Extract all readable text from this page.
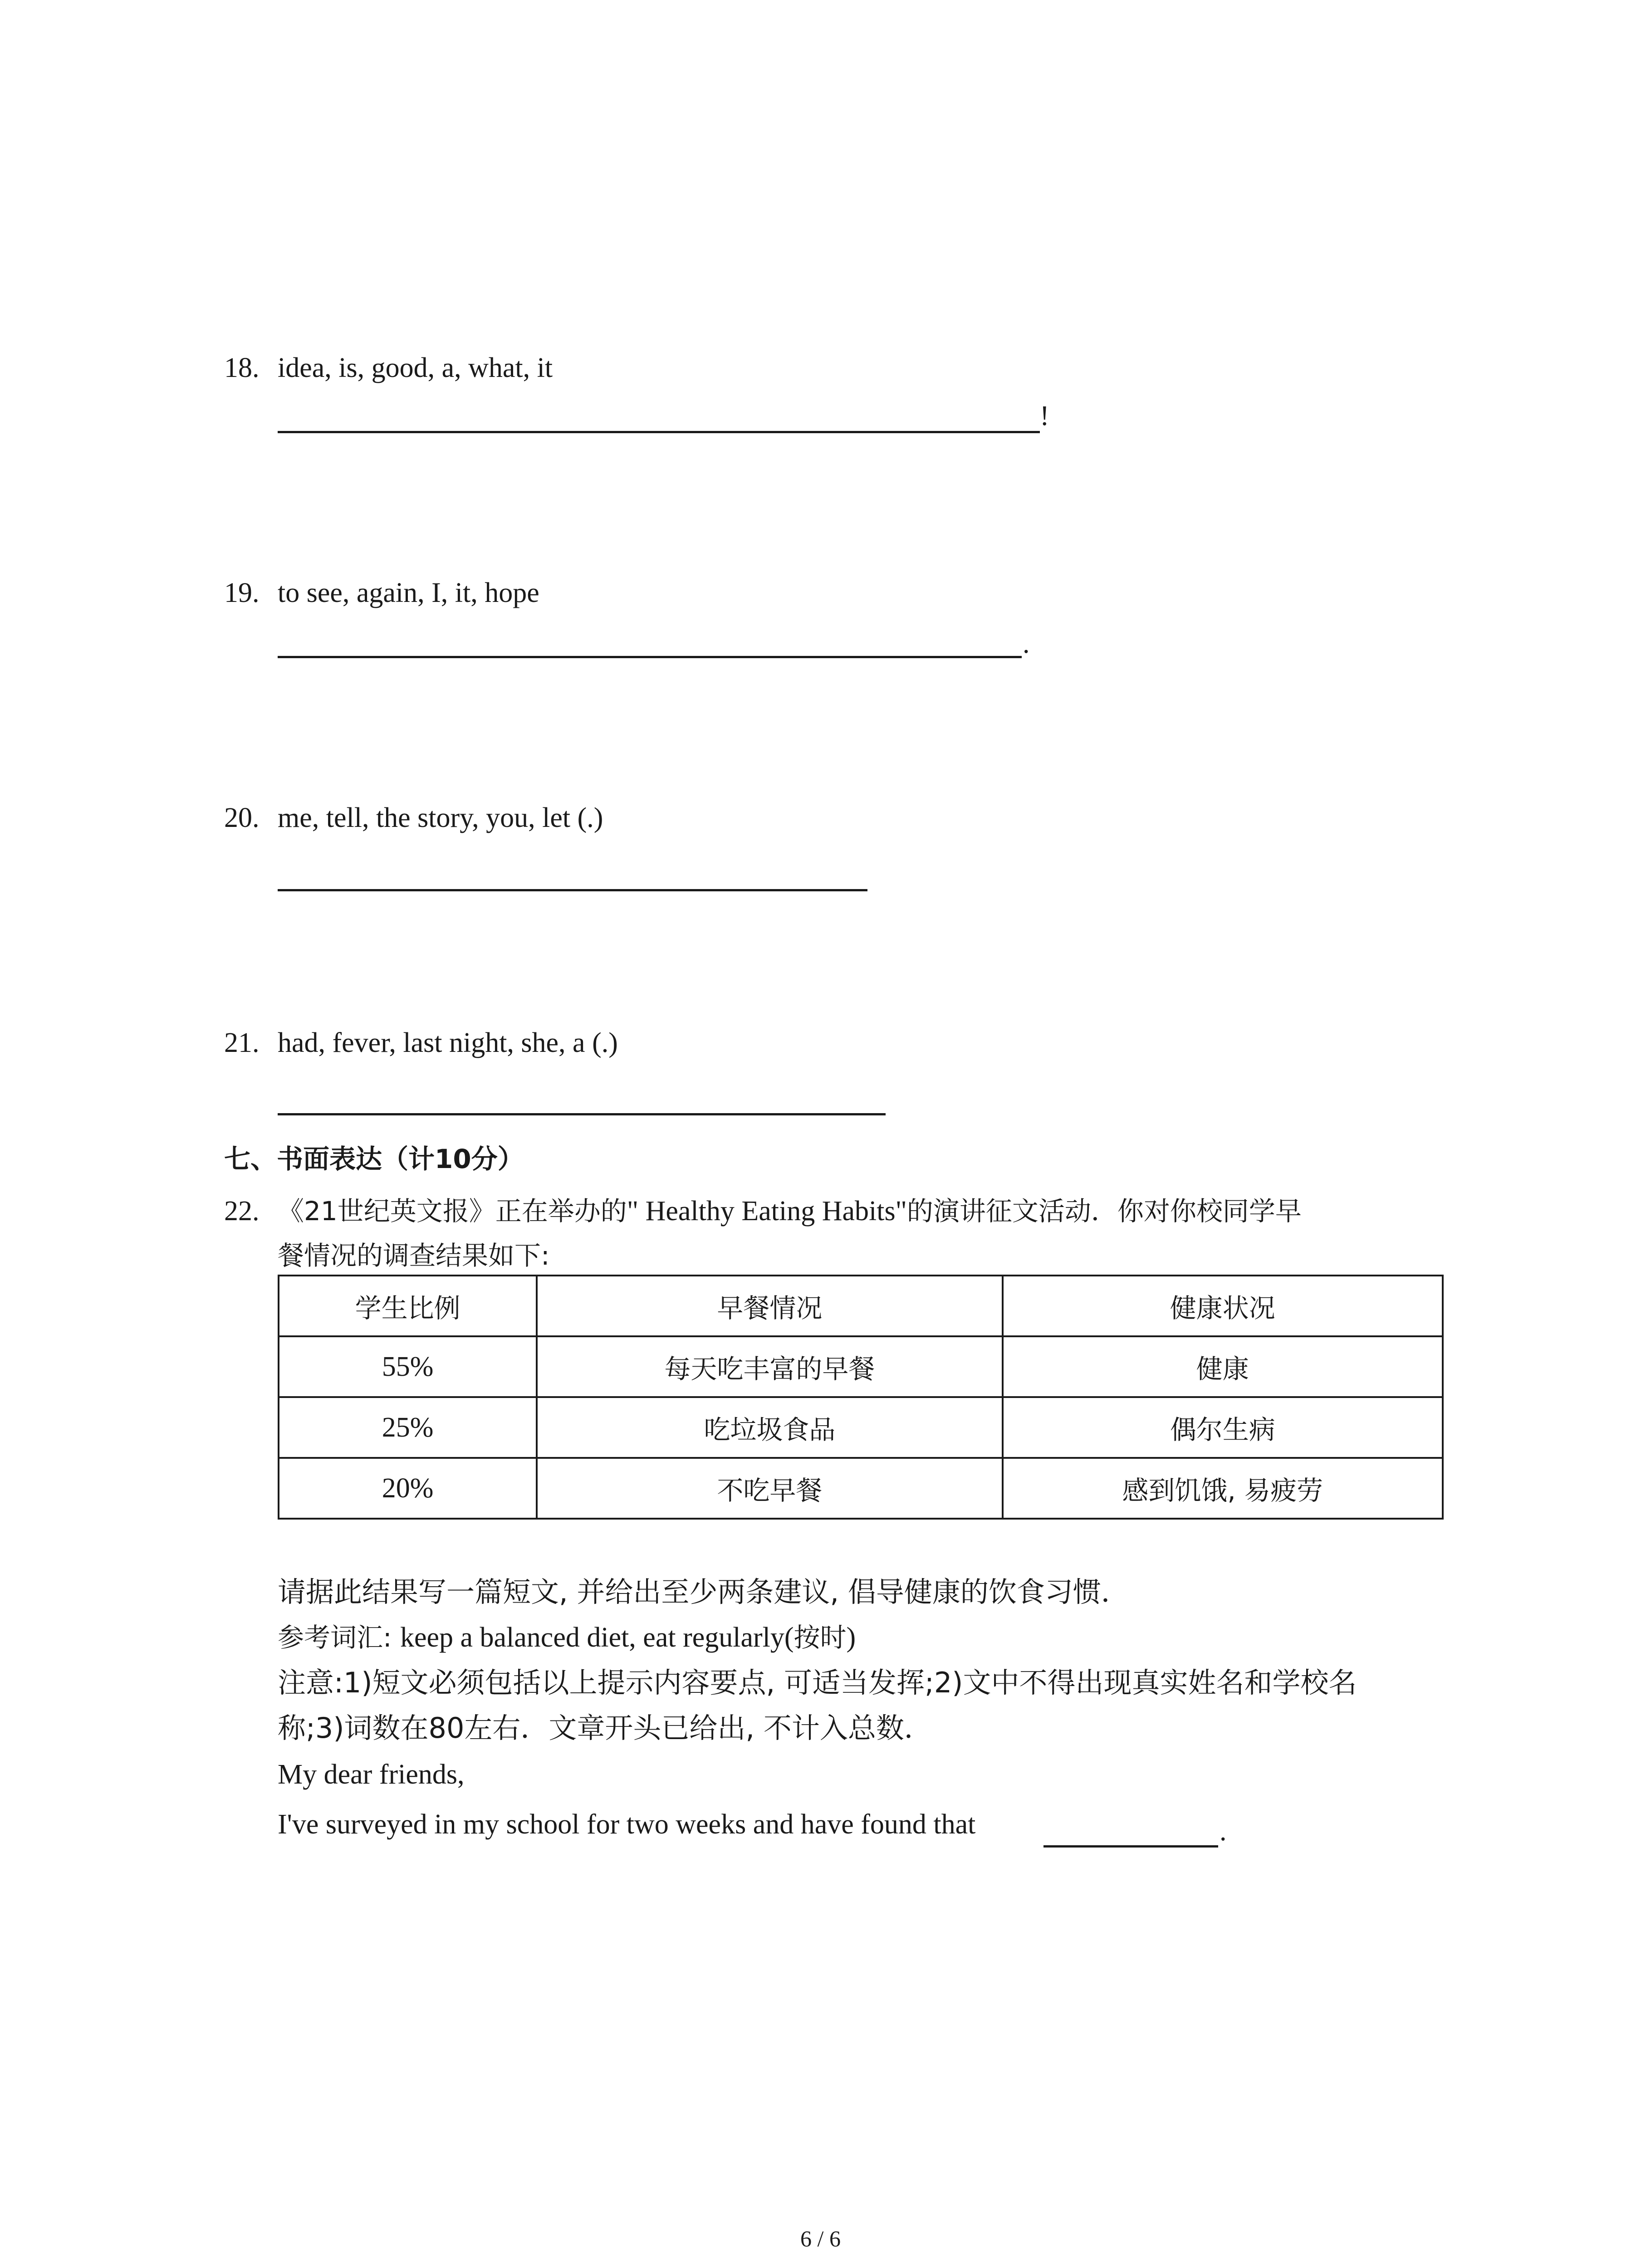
18. idea, is, good, a, what, it
!
19. to see, again, I, it, hope
.
20. me, tell, the story, you, let (.)
21. had, fever, last night, she, a (.)
七、书面表达（计10分）
22. 《21世纪英文报》正在举办的" Healthy Eating Habits"的演讲征文活动．你对你校同学早
餐情况的调查结果如下:
学生比例	早餐情况	健康状况
55%	每天吃丰富的早餐	健康
25%	吃垃圾食品	偶尔生病
20%	不吃早餐	感到饥饿, 易疲劳
请据此结果写一篇短文, 并给出至少两条建议, 倡导健康的饮食习惯．
参考词汇: keep a balanced diet, eat regularly(按时)
注意:1)短文必须包括以上提示内容要点, 可适当发挥;2)文中不得出现真实姓名和学校名
称;3)词数在80左右．文章开头已给出, 不计入总数．
My dear friends,
I've surveyed in my school for two weeks and have found that	.
6 / 6
